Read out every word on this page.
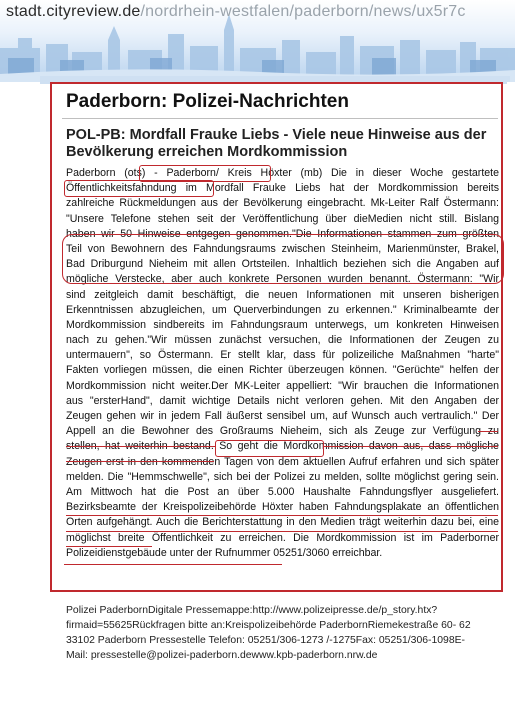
stadt.cityreview.de/nordrhein-westfalen/paderborn/news/ux5r7c
Paderborn: Polizei-Nachrichten
POL-PB: Mordfall Frauke Liebs - Viele neue Hinweise aus der Bevölkerung erreichen Mordkommission
Paderborn (ots) - Paderborn/ Kreis Höxter (mb) Die in dieser Woche gestartete
Öffentlichkeitsfahndung im Mordfall Frauke Liebs hat der Mordkommission bereits
zahlreiche Rückmeldungen aus der Bevölkerung eingebracht. Mk-Leiter Ralf Östermann:
"Unsere Telefone stehen seit der Veröffentlichung über dieMedien nicht still. Bislang
haben wir 50 Hinweise entgegen genommen."Die Informationen stammen zum größten
Teil von Bewohnern des Fahndungsraums zwischen Steinheim, Marienmünster, Brakel,
Bad Driburgund Nieheim mit allen Ortsteilen. Inhaltlich beziehen sich die Angaben auf
mögliche Verstecke, aber auch konkrete Personen wurden benannt. Östermann: "Wir
sind zeitgleich damit beschäftigt, die neuen Informationen mit unseren bisherigen
Erkenntnissen abzugleichen, um Querverbindungen zu erkennen." Kriminalbeamte der
Mordkommission sindbereits im Fahndungsraum unterwegs, um konkreten Hinweisen
nach zu gehen."Wir müssen zunächst versuchen, die Informationen der Zeugen zu
untermauern", so Östermann. Er stellt klar, dass für polizeiliche Maßnahmen "harte"
Fakten vorliegen müssen, die einen Richter überzeugen können. "Gerüchte" helfen der
Mordkommission nicht weiter.Der MK-Leiter appelliert: "Wir brauchen die Informationen
aus "ersterHand", damit wichtige Details nicht verloren gehen. Mit den Angaben der
Zeugen gehen wir in jedem Fall äußerst sensibel um, auf Wunsch auch vertraulich." Der
Appell an die Bewohner des Großraums Nieheim, sich als Zeuge zur Verfügung zu
stellen, hat weiterhin bestand. So geht die Mordkommission davon aus, dass mögliche
Zeugen erst in den kommenden Tagen von dem aktuellen Aufruf erfahren und sich später
melden. Die "Hemmschwelle", sich bei der Polizei zu melden, sollte möglichst gering sein.
Am Mittwoch hat die Post an über 5.000 Haushalte Fahndungsflyer ausgeliefert.
Bezirksbeamte der Kreispolizeibehörde Höxter haben Fahndungsplakate an öffentlichen
Orten aufgehängt. Auch die Berichterstattung in den Medien trägt weiterhin dazu bei, eine
möglichst breite Öffentlichkeit zu erreichen. Die Mordkommission ist im Paderborner
Polizeidienstgebäude unter der Rufnummer 05251/3060 erreichbar.
Polizei PaderbornDigitale Pressemappe:http://www.polizeipresse.de/p_story.htx?
firmaid=55625Rückfragen bitte an:Kreispolizeibehörde PaderbornRiemekestraße 60- 62
33102 Paderborn Pressestelle Telefon: 05251/306-1273 /-1275Fax: 05251/306-1098E-
Mail: pressestelle@polizei-paderborn.dewww.kpb-paderborn.nrw.de
